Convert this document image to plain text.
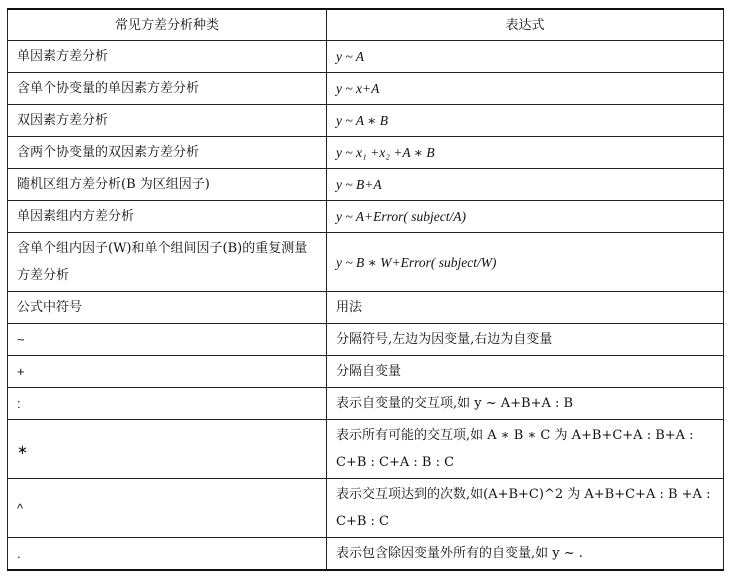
常见方差分析种类	表达式
单因素方差分析	y ~ A
含单个协变量的单因素方差分析	y ~ x+A
双因素方差分析	y ~ A ∗ B
含两个协变量的双因素方差分析	y ~ x₁ +x₂ +A ∗ B
随机区组方差分析(B 为区组因子)	y ~ B+A
单因素组内方差分析	y ~ A+Error( subject/A)
含单个组内因子(W)和单个组间因子(B)的重复测量方差分析	y ~ B ∗ W+Error( subject/W)
公式中符号	用法
~	分隔符号,左边为因变量,右边为自变量
+	分隔自变量
:	表示自变量的交互项,如 y ~ A+B+A : B
∗	表示所有可能的交互项,如 A ∗ B ∗ C 为 A+B+C+A : B+A : C+B : C+A : B : C
^	表示交互项达到的次数,如(A+B+C)^2 为 A+B+C+A : B +A : C+B : C
.	表示包含除因变量外所有的自变量,如 y ~ .
